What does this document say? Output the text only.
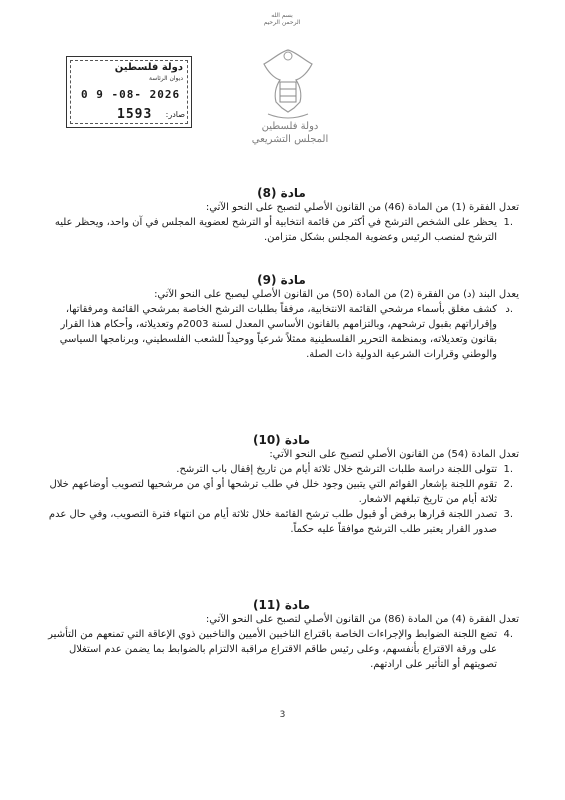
بسم الله الرحمن الرحيم
دولة فلسطين
المجلس التشريعي
دولة فلسطين
ديوان الرئاسة
0 9 -08- 2026
1593 صادر:
مادة (8)
تعدل الفقرة (1) من المادة (46) من القانون الأصلي لتصبح على النحو الآتي:
1.
يحظر على الشخص الترشح في أكثر من قائمة انتخابية أو الترشح لعضوية المجلس في آن واحد، ويحظر عليه الترشح لمنصب الرئيس وعضوية المجلس بشكل متزامن.
مادة (9)
يعدل البند (د) من الفقرة (2) من المادة (50) من القانون الأصلي ليصبح على النحو الآتي:
د.
كشف مغلق بأسماء مرشحي القائمة الانتخابية، مرفقاً بطلبات الترشح الخاصة بمرشحي القائمة ومرفقاتها، وإقراراتهم بقبول ترشحهم، وبالتزامهم بالقانون الأساسي المعدل لسنة 2003م وتعديلاته، وأحكام هذا القرار بقانون وتعديلاته، وبمنظمة التحرير الفلسطينية ممثلاً شرعياً ووحيداً للشعب الفلسطيني، وبرنامجها السياسي والوطني وقرارات الشرعية الدولية ذات الصلة.
مادة (10)
تعدل المادة (54) من القانون الأصلي لتصبح على النحو الآتي:
1.
تتولى اللجنة دراسة طلبات الترشح خلال ثلاثة أيام من تاريخ إقفال باب الترشح.
2.
تقوم اللجنة بإشعار القوائم التي يتبين وجود خلل في طلب ترشحها أو أي من مرشحيها لتصويب أوضاعهم خلال ثلاثة أيام من تاريخ تبلغهم الاشعار.
3.
تصدر اللجنة قرارها برفض أو قبول طلب ترشح القائمة خلال ثلاثة أيام من انتهاء فترة التصويب، وفي حال عدم صدور القرار يعتبر طلب الترشح موافقاً عليه حكماً.
مادة (11)
تعدل الفقرة (4) من المادة (86) من القانون الأصلي لتصبح على النحو الآتي:
4.
تضع اللجنة الضوابط والإجراءات الخاصة باقتراع الناخبين الأميين والناخبين ذوي الإعاقة التي تمنعهم من التأشير على ورقة الاقتراع بأنفسهم، وعلى رئيس طاقم الاقتراع مراقبة الالتزام بالضوابط بما يضمن عدم استغلال تصويتهم أو التأثير على ارادتهم.
3
